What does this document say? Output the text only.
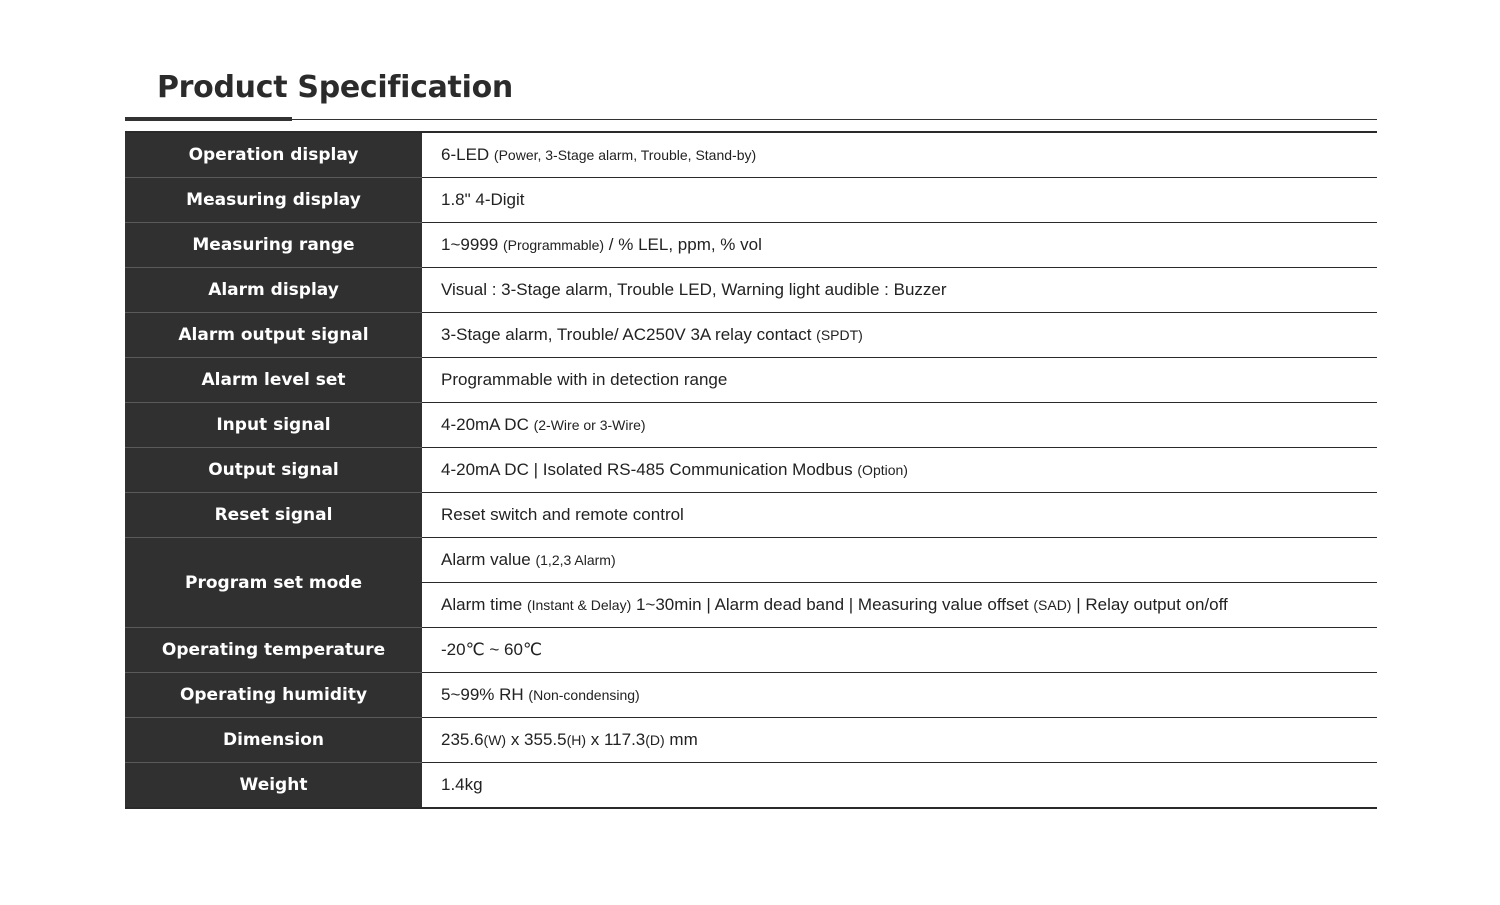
Product Specification
Operation display	6-LED (Power, 3-Stage alarm, Trouble, Stand-by)
Measuring display	1.8" 4-Digit
Measuring range	1~9999 (Programmable) / % LEL, ppm, % vol
Alarm display	Visual : 3-Stage alarm, Trouble LED, Warning light audible : Buzzer
Alarm output signal	3-Stage alarm, Trouble/ AC250V 3A relay contact (SPDT)
Alarm level set	Programmable with in detection range
Input signal	4-20mA DC (2-Wire or 3-Wire)
Output signal	4-20mA DC | Isolated RS-485 Communication Modbus (Option)
Reset signal	Reset switch and remote control
Program set mode	Alarm value (1,2,3 Alarm)
	Alarm time (Instant & Delay) 1~30min | Alarm dead band | Measuring value offset (SAD) | Relay output on/off
Operating temperature	-20℃ ~ 60℃
Operating humidity	5~99% RH (Non-condensing)
Dimension	235.6(W) x 355.5(H) x 117.3(D) mm
Weight	1.4kg
